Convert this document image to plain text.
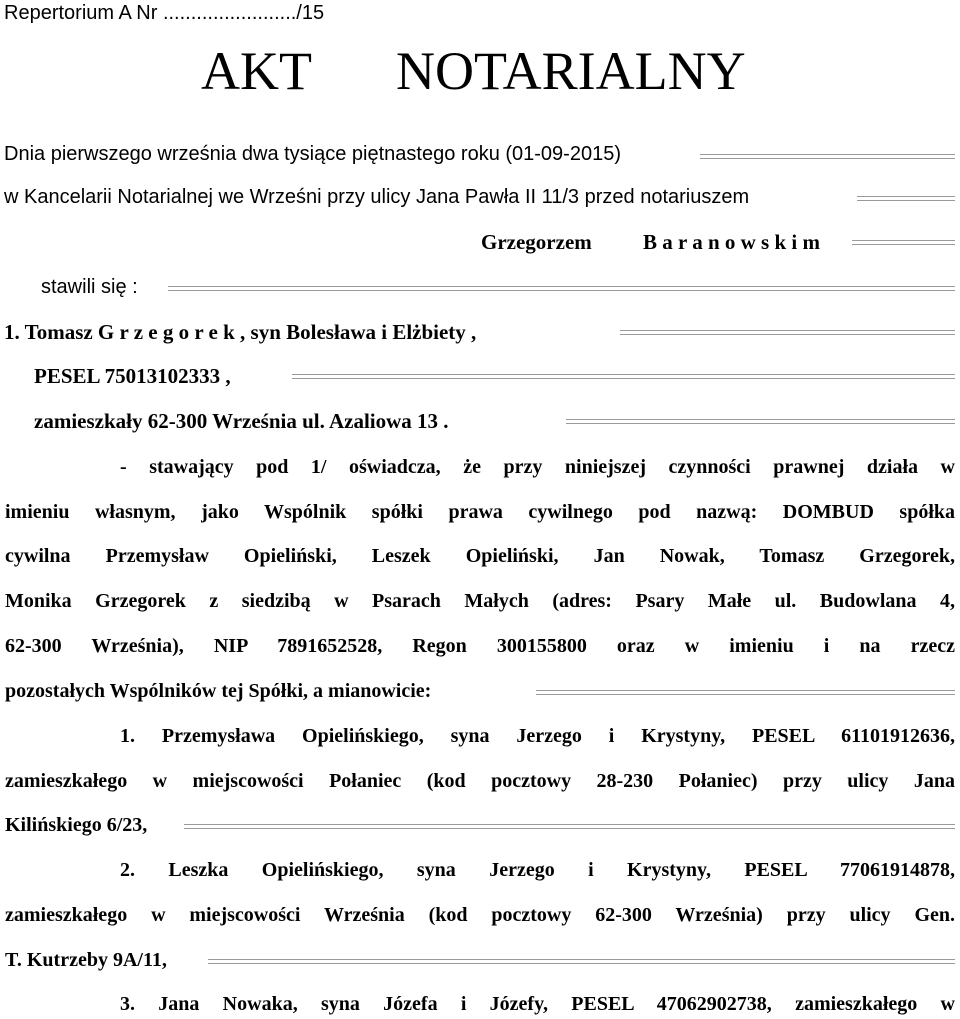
Repertorium A Nr ......................../15
AKT NOTARIALNY
Dnia pierwszego września dwa tysiące piętnastego roku (01-09-2015)
w Kancelarii Notarialnej we Wrześni przy ulicy Jana Pawła II 11/3 przed notariuszem
Grzegorzem B a r a n o w s k i m
stawili się :
1. Tomasz G r z e g o r e k , syn Bolesława i Elżbiety ,
PESEL 75013102333 ,
zamieszkały 62-300 Września ul. Azaliowa 13 .
- stawający pod 1/ oświadcza, że przy niniejszej czynności prawnej działa w
imieniu własnym, jako Wspólnik spółki prawa cywilnego pod nazwą: DOMBUD spółka
cywilna Przemysław Opieliński, Leszek Opieliński, Jan Nowak, Tomasz Grzegorek,
Monika Grzegorek z siedzibą w Psarach Małych (adres: Psary Małe ul. Budowlana 4,
62-300 Września), NIP 7891652528, Regon 300155800 oraz w imieniu i na rzecz
pozostałych Wspólników tej Spółki, a mianowicie:
1. Przemysława Opielińskiego, syna Jerzego i Krystyny, PESEL 61101912636,
zamieszkałego w miejscowości Połaniec (kod pocztowy 28-230 Połaniec) przy ulicy Jana
Kilińskiego 6/23,
2. Leszka Opielińskiego, syna Jerzego i Krystyny, PESEL 77061914878,
zamieszkałego w miejscowości Września (kod pocztowy 62-300 Września) przy ulicy Gen.
T. Kutrzeby 9A/11,
3. Jana Nowaka, syna Józefa i Józefy, PESEL 47062902738, zamieszkałego w
